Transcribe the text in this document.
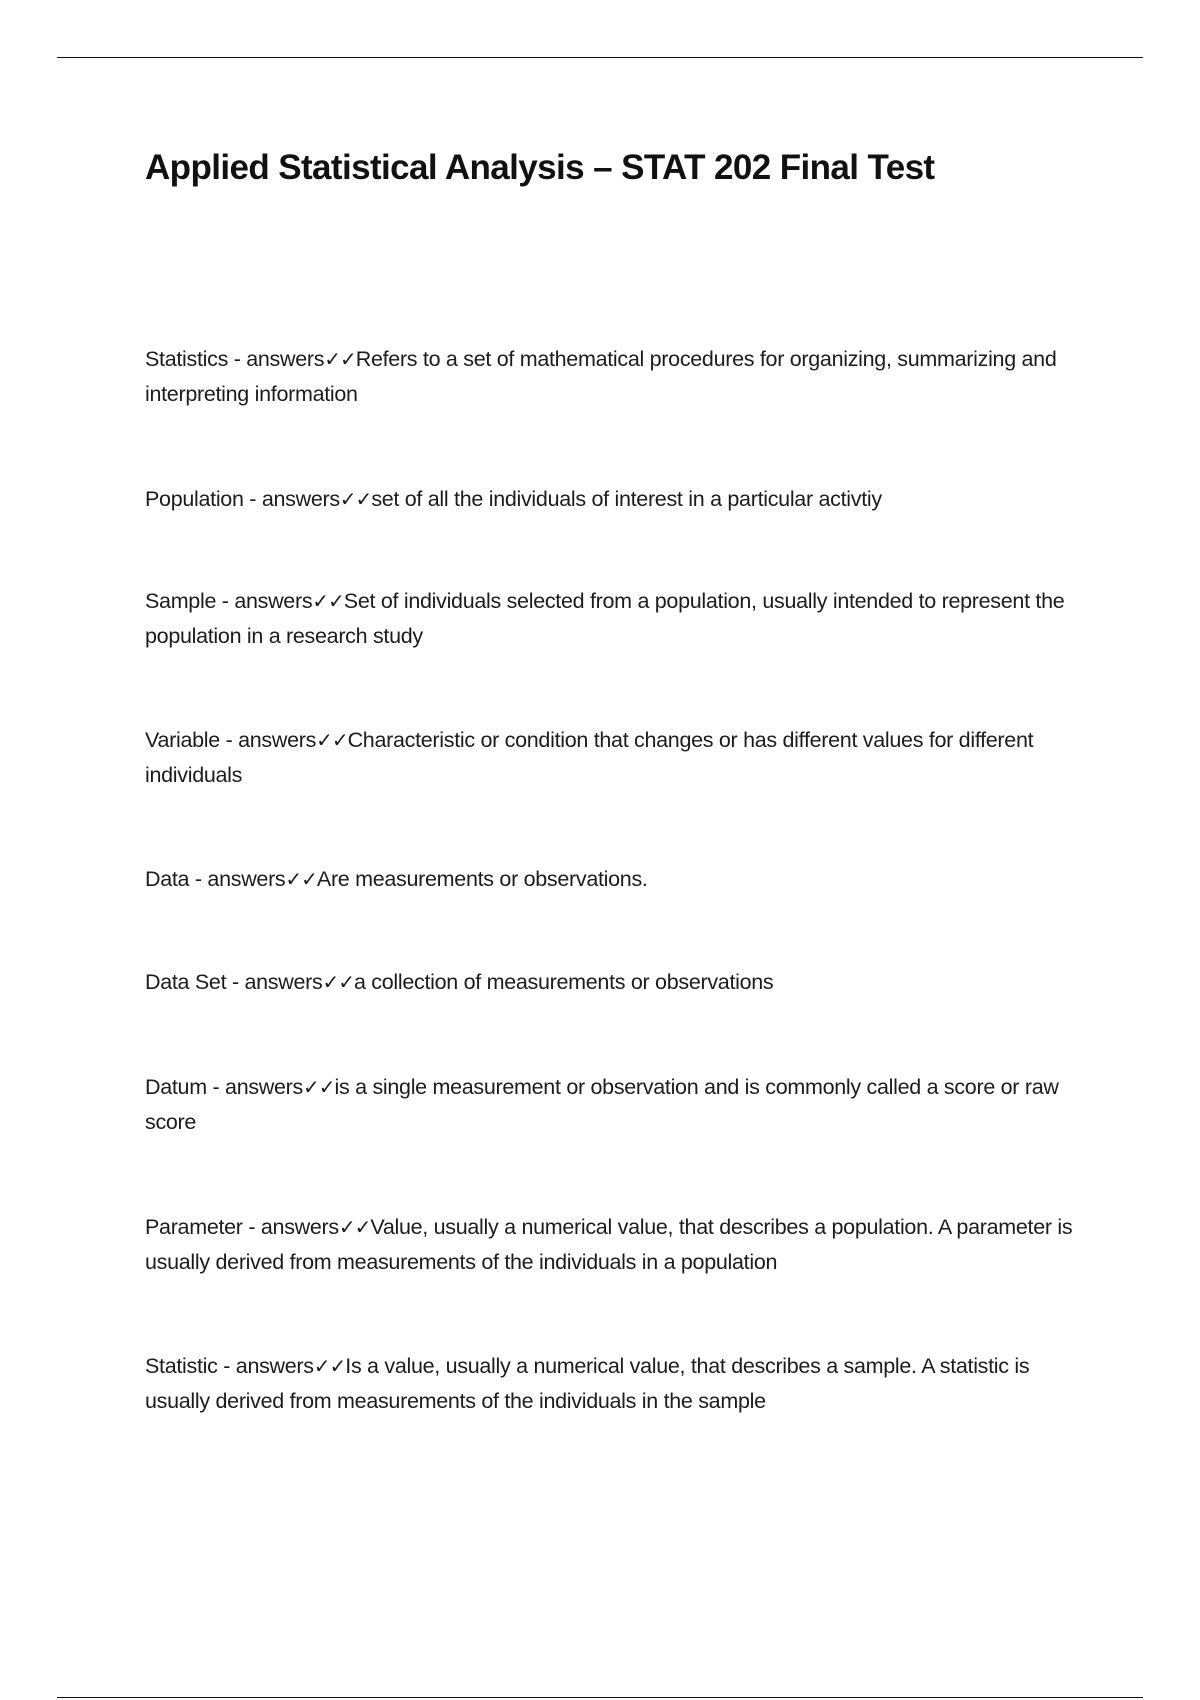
Applied Statistical Analysis – STAT 202 Final Test

Statistics - answers✓✓Refers to a set of mathematical procedures for organizing, summarizing and interpreting information

Population - answers✓✓set of all the individuals of interest in a particular activtiy

Sample - answers✓✓Set of individuals selected from a population, usually intended to represent the population in a research study

Variable - answers✓✓Characteristic or condition that changes or has different values for different individuals

Data - answers✓✓Are measurements or observations.

Data Set - answers✓✓a collection of measurements or observations

Datum - answers✓✓is a single measurement or observation and is commonly called a score or raw score

Parameter - answers✓✓Value, usually a numerical value, that describes a population. A parameter is usually derived from measurements of the individuals in a population

Statistic - answers✓✓Is a value, usually a numerical value, that describes a sample. A statistic is usually derived from measurements of the individuals in the sample
